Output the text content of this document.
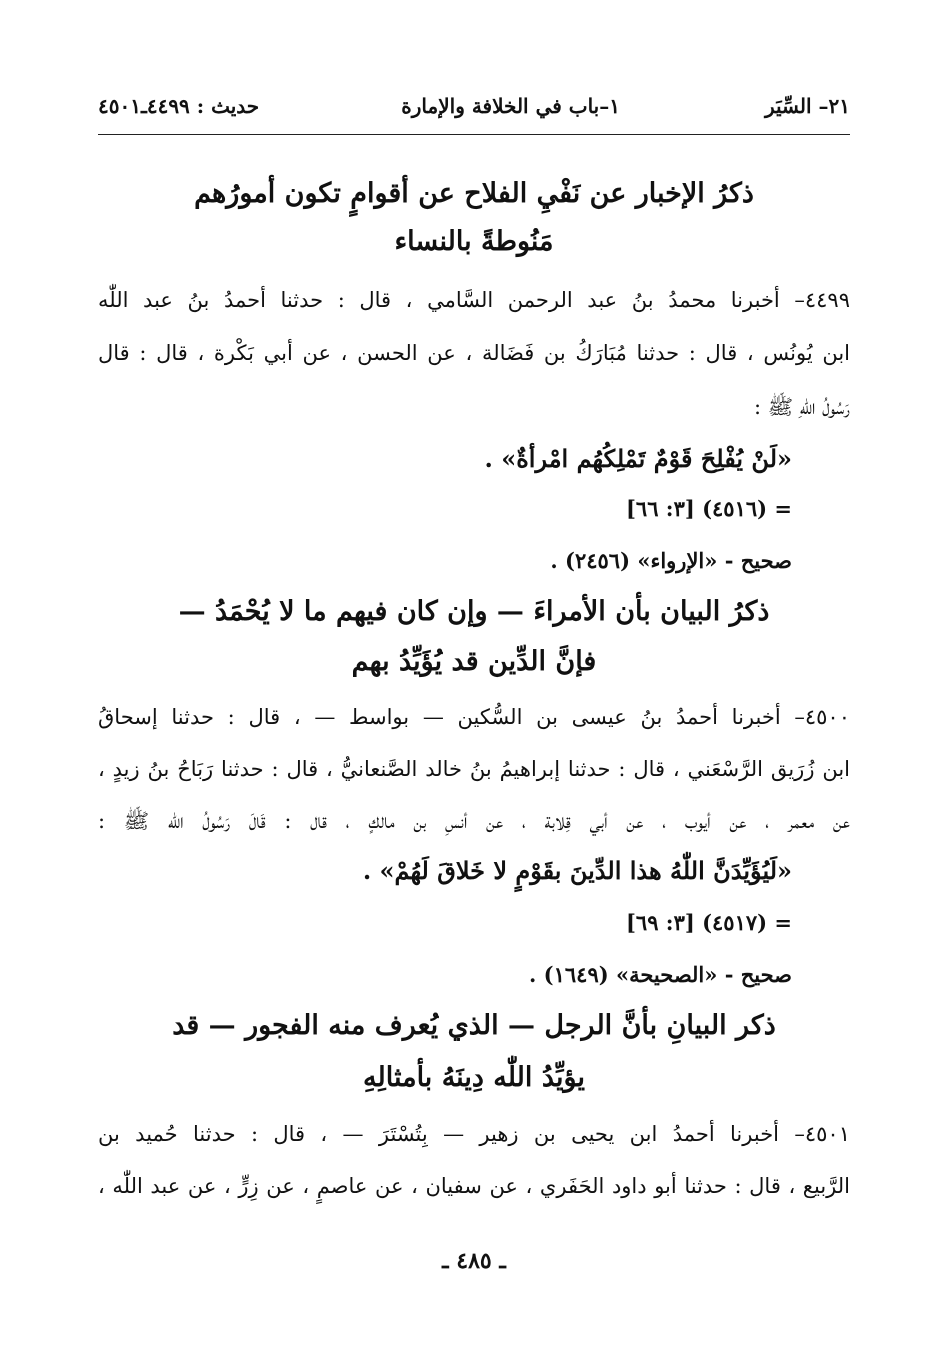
٢١– السِّيَر
١–باب في الخلافة والإمارة
حديث : ٤٤٩٩ـ٤٥٠١
ذكرُ الإخبار عن نَفْيِ الفلاح عن أقوامٍ تكون أمورُهم
مَنُوطةً بالنساء
٤٤٩٩– أخبرنا محمدُ بنُ عبد الرحمن السَّامي ، قال : حدثنا أحمدُ بنُ عبد اللّٰه
ابن يُونُس ، قال : حدثنا مُبَارَكُ بن فَضَالة ، عن الحسن ، عن أبي بَكْرة ، قال : قال
رَسُولُ اللّٰهِ ﷺ :
«لَنْ يُفْلِحَ قَوْمٌ تَمْلِكُهُم امْرأةٌ» .
= (٤٥١٦) [٣: ٦٦]
صحيح - «الإرواء» (٢٤٥٦) .
ذكرُ البيان بأن الأمراءَ — وإن كان فيهم ما لا يُحْمَدُ —
فإنَّ الدِّين قد يُؤَيِّدُ بهم
٤٥٠٠– أخبرنا أحمدُ بنُ عيسى بن السُّكين — بواسط — ، قال : حدثنا إسحاقُ
ابن زُرَيق الرَّسْعَني ، قال : حدثنا إبراهيمُ بنُ خالد الصَّنعانيُّ ، قال : حدثنا رَبَاحُ بنُ زيدٍ ،
عن معمر ، عن أيوب ، عن أبي قِلابة ، عن أنسِ بن مالكٍ ، قال : قَالَ رَسُولُ اللّٰه ﷺ :
«لَيُؤَيِّدَنَّ اللّٰهُ هذا الدِّينَ بقَوْمٍ لا خَلاقَ لَهُمْ» .
= (٤٥١٧) [٣: ٦٩]
صحيح - «الصحيحة» (١٦٤٩) .
ذكر البيانِ بأنَّ الرجل — الذي يُعرف منه الفجور — قد
يؤيِّدُ اللّٰه دِينَهُ بأمثالِهِ
٤٥٠١– أخبرنا أحمدُ ابن يحيى بن زهير — بِتُسْتَرَ — ، قال : حدثنا حُميد بن
الرَّبيع ، قال : حدثنا أبو داود الحَفَري ، عن سفيان ، عن عاصمٍ ، عن زِرٍّ ، عن عبد اللّٰه ،
ـ ٤٨٥ ـ
